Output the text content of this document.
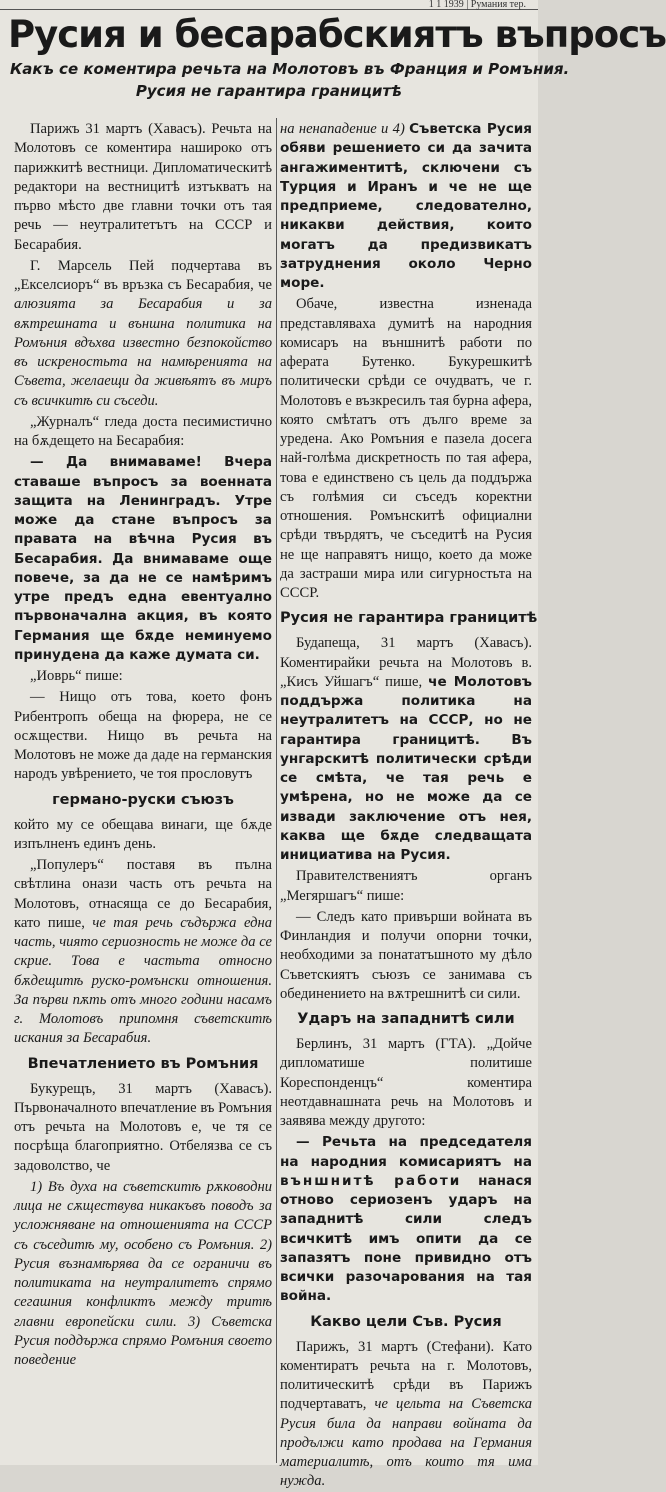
1 1 1939 | Румания тер.
Русия и бесарабскиятъ въпросъ
Какъ се коментира речьта на Молотовъ въ Франция и Ромъния.
Русия не гарантира границитѣ

Парижъ 31 мартъ (Хавасъ). Речьта на Молотовъ се коментира нашироко отъ парижкитѣ вестници. Дипломатическитѣ редактори на вестницитѣ изтъкватъ на първо мѣсто две главни точки отъ тая речь — неутралитетътъ на СССР и Бесарабия.

Г. Марсель Пей подчертава въ „Екселсиоръ“ въ връзка съ Бесарабия, че алюзията за Бесарабия и за вѫтрешната и външна политика на Ромъния вдъхва известно безпокойство въ искреностьта на намѣренията на Съвета, желаещи да живѣятъ въ миръ съ всичкитѣ си съседи.

„Журналъ“ гледа доста песимистично на бѫдещето на Бесарабия:

— Да внимаваме! Вчера ставаше въпросъ за военната защита на Ленинградъ. Утре може да стане въпросъ за правата на вѣчна Русия въ Бесарабия. Да внимаваме още повече, за да не се намѣримъ утре предъ една евентуално първоначална акция, въ която Германия ще бѫде неминуемо принудена да каже думата си.

„Иоврь“ пише:

— Нищо отъ това, което фонъ Рибентропъ обеща на фюрера, не се осѫществи. Нищо въ речьта на Молотовъ не може да даде на германския народъ увѣрението, че тоя прословутъ

германо-руски съюзъ

който му се обещава винаги, ще бѫде изпълненъ единъ день.

„Популеръ“ поставя въ пълна свѣтлина онази часть отъ речьта на Молотовъ, отнасяща се до Бесарабия, като пише, че тая речь съдържа една часть, чиято сериозность не може да се скрие. Това е частьта относно бѫдещитѣ руско-ромънски отношения. За първи пѫть отъ много години насамъ г. Молотовъ припомня съветскитѣ искания за Бесарабия.

Впечатлението въ Ромъния

Букурещъ, 31 мартъ (Хавасъ). Първоначалното впечатление въ Ромъния отъ речьта на Молотовъ е, че тя се посрѣща благоприятно. Отбелязва се съ задоволство, че

1) Въ духа на съветскитѣ рѫководни лица не сѫществува никакъвъ поводъ за усложняване на отношенията на СССР съ съседитѣ му, особено съ Ромъния. 2) Русия възнамѣрява да се ограничи въ политиката на неутралитетъ спрямо сегашния конфликтъ между тритѣ главни европейски сили. 3) Съветска Русия поддържа спрямо Ромъния своето поведение

на ненападение и 4) Съветска Русия обяви решението си да зачита ангажиментитѣ, сключени съ Турция и Иранъ и че не ще предприеме, следователно, никакви действия, които могатъ да предизвикатъ затруднения около Черно море.

Обаче, известна изненада представляваха думитѣ на народния комисаръ на външнитѣ работи по аферата Бутенко. Букурешкитѣ политически срѣди се очудватъ, че г. Молотовъ е възкресилъ тая бурна афера, която смѣтатъ отъ дълго време за уредена. Ако Ромъния е пазела досега най-голѣма дискретность по тая афера, това е единствено съ цель да поддържа съ голѣмия си съседъ коректни отношения. Ромънскитѣ официални срѣди твърдятъ, че съседитѣ на Русия не ще направятъ нищо, което да може да застраши мира или сигурностьта на СССР.

Русия не гарантира границитѣ

Будапеща, 31 мартъ (Хавасъ). Коментирайки речьта на Молотовъ в. „Кисъ Уйшагъ“ пише, че Молотовъ поддържа политика на неутралитетъ на СССР, но не гарантира границитѣ. Въ унгарскитѣ политически срѣди се смѣта, че тая речь е умѣрена, но не може да се извади заключение отъ нея, каква ще бѫде следващата инициатива на Русия.

Правителствениятъ органъ „Мегяршагъ“ пише:

— Следъ като привърши войната въ Финландия и получи опорни точки, необходими за понататъшното му дѣло Съветскиятъ съюзъ се занимава съ обединението на вѫтрешнитѣ си сили.

Ударъ на западнитѣ сили

Берлинъ, 31 мартъ (ГТА). „Дойче дипломатише политише Кореспонденцъ“ коментира неотдавнашната речь на Молотовъ и заявява между другото:

— Речьта на председателя на народния комисариятъ на външнитѣ работи нанася отново сериозенъ ударъ на западнитѣ сили следъ всичкитѣ имъ опити да се запазятъ поне привидно отъ всички разочарования на тая война.

Какво цели Съв. Русия

Парижъ, 31 мартъ (Стефани). Като коментиратъ речьта на г. Молотовъ, политическитѣ срѣди въ Парижъ подчертаватъ, че цельта на Съветска Русия била да направи войната да продължи като продава на Германия материалитѣ, отъ които тя има нужда.
